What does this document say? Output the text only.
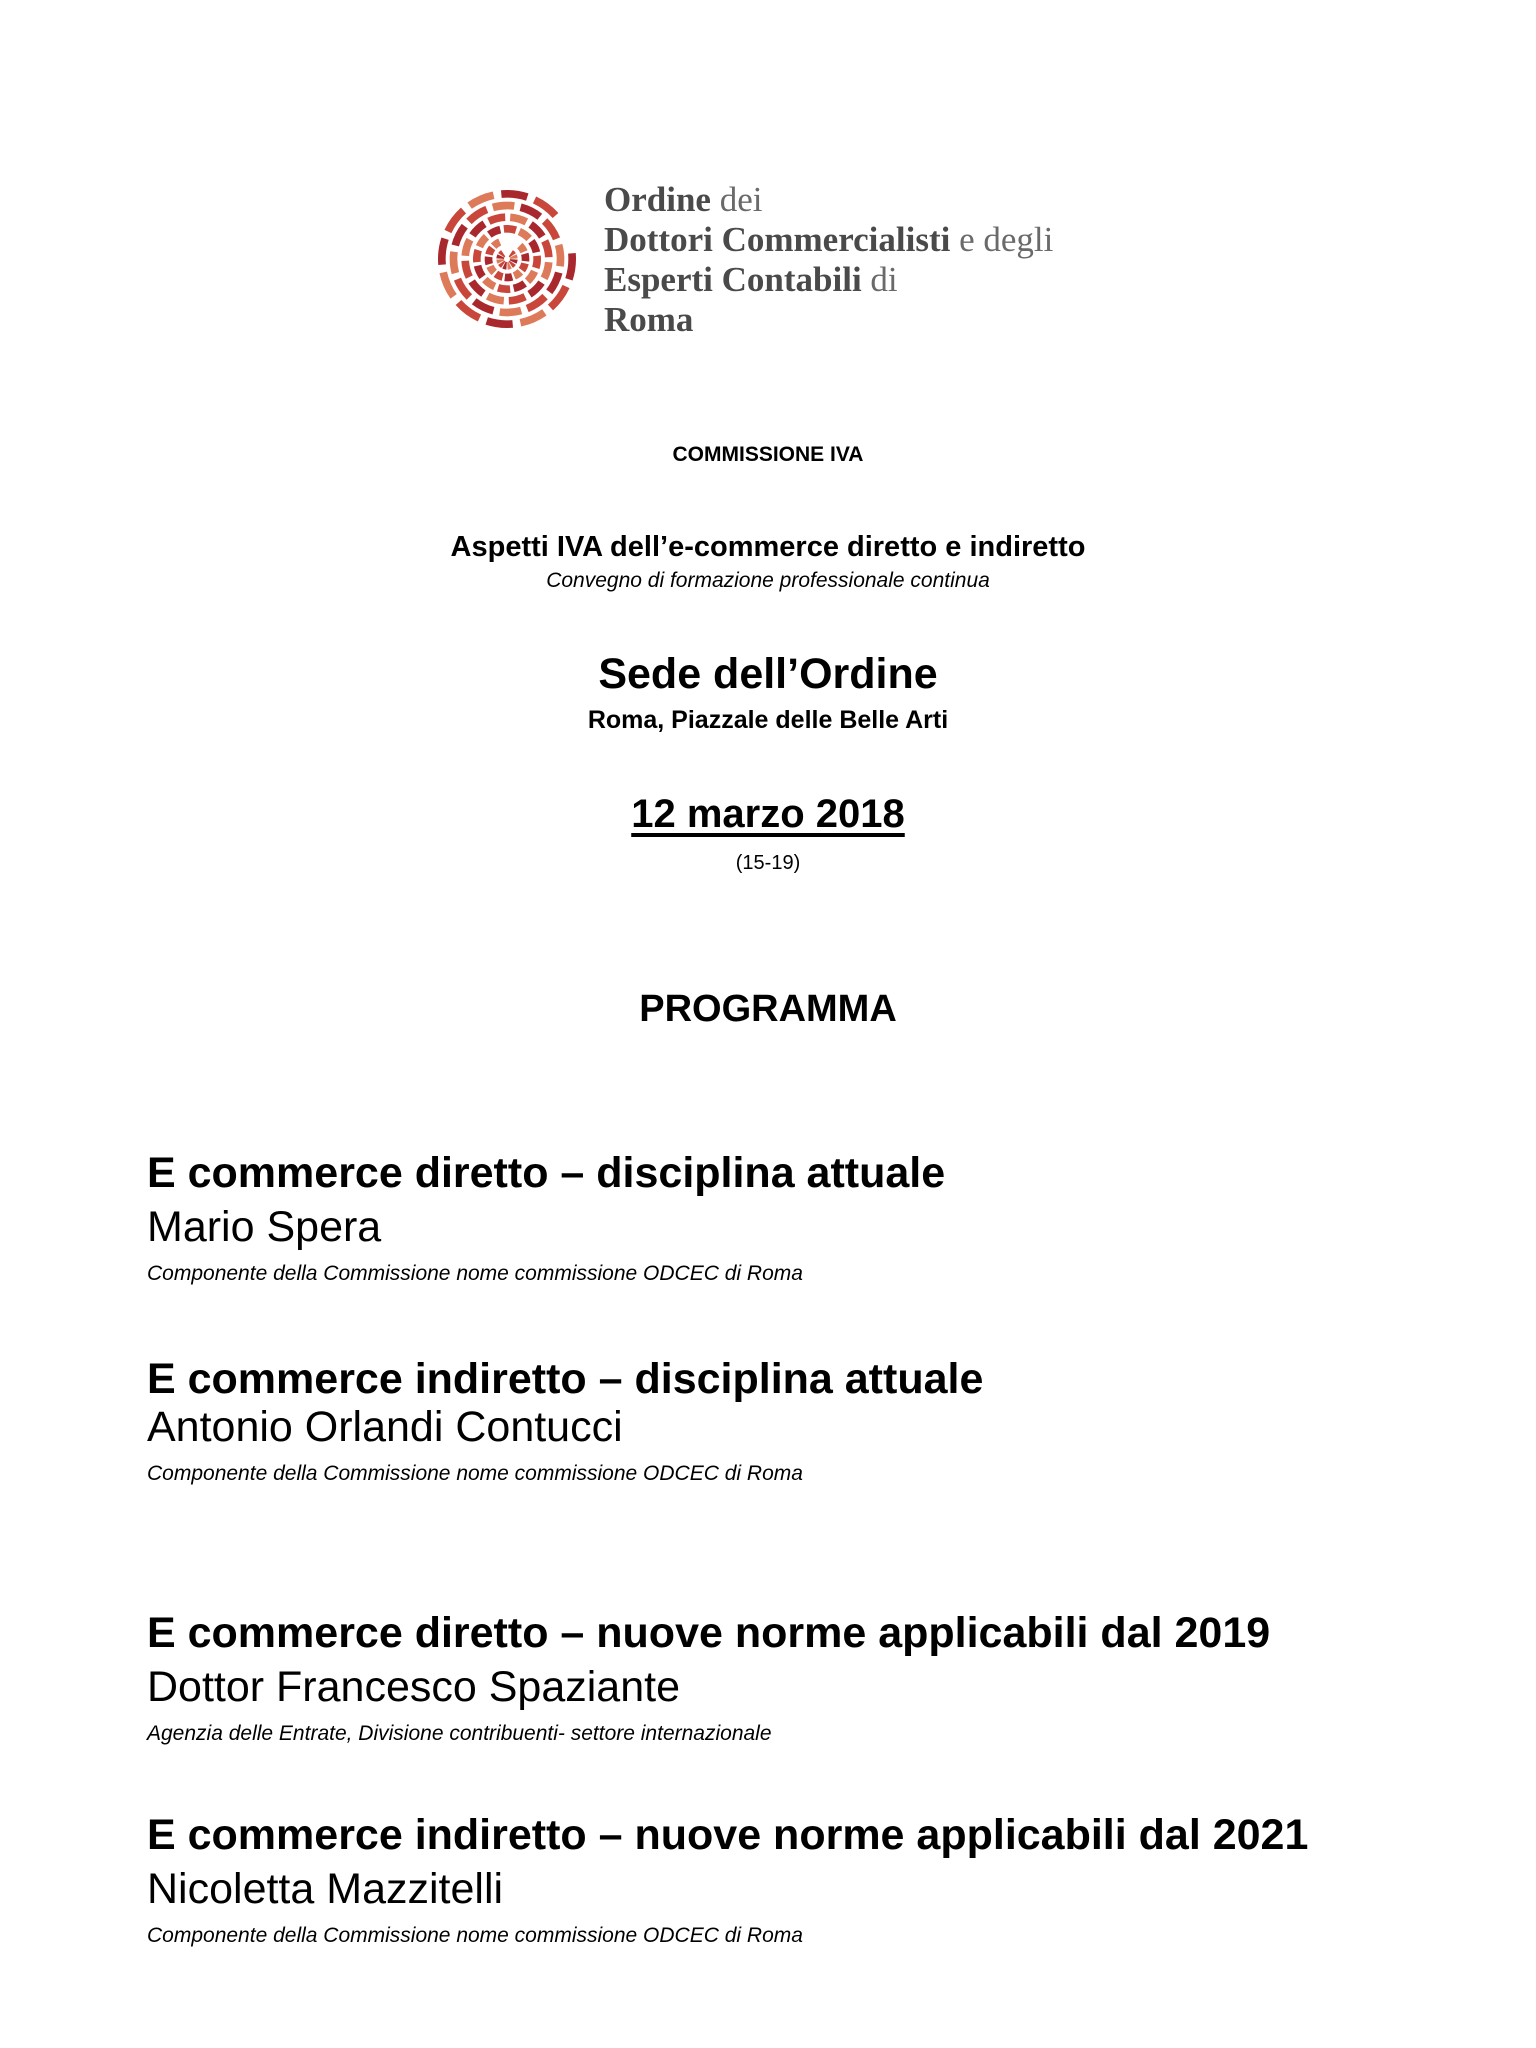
Ordine dei
Dottori Commercialisti e degli
Esperti Contabili di
Roma
COMMISSIONE IVA
Aspetti IVA dell’e-commerce diretto e indiretto
Convegno di formazione professionale continua
Sede dell’Ordine
Roma, Piazzale delle Belle Arti
12 marzo 2018
(15-19)
PROGRAMMA
E commerce diretto – disciplina attuale
Mario Spera
Componente della Commissione nome commissione ODCEC di Roma
E commerce indiretto – disciplina attuale
Antonio Orlandi Contucci
Componente della Commissione nome commissione ODCEC di Roma
E commerce diretto – nuove norme applicabili dal 2019
Dottor Francesco Spaziante
Agenzia delle Entrate, Divisione contribuenti- settore internazionale
E commerce indiretto – nuove norme applicabili dal 2021
Nicoletta Mazzitelli
Componente della Commissione nome commissione ODCEC di Roma
